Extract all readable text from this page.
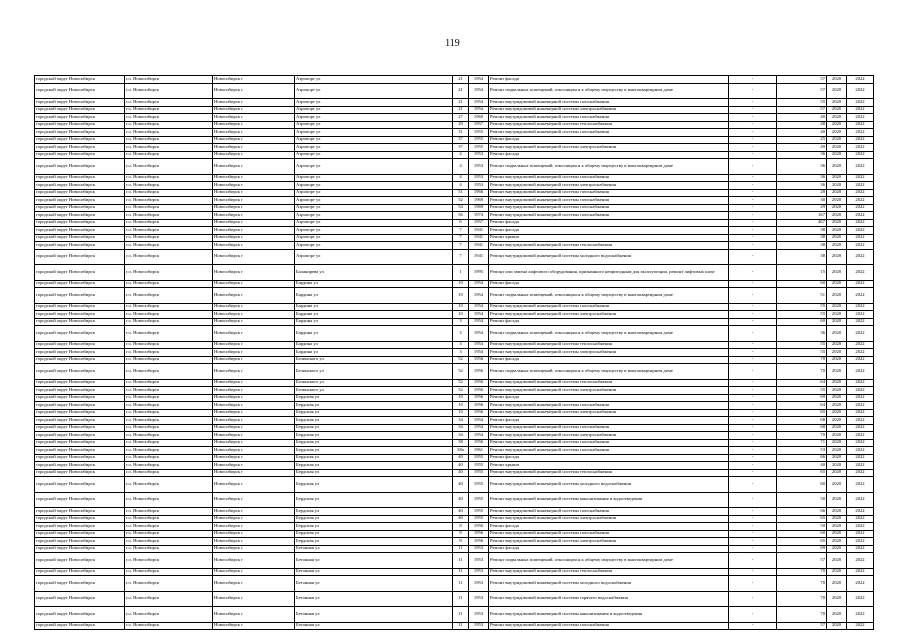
119
городской округ Новосибирск	г.о. Новосибирск	Новосибирск г	Аэропорт ул	21	1954	Ремонт фасада	-	57	2020	2022
городской округ Новосибирск	г.о. Новосибирск	Новосибирск г	Аэропорт ул	21	1954	Ремонт подвальных помещений, относящихся к общему имуществу в многоквартирном доме	-	57	2020	2022
городской округ Новосибирск	г.о. Новосибирск	Новосибирск г	Аэропорт ул	21	1954	Ремонт внутридомовой инженерной системы газоснабжения	-	55	2020	2022
городской округ Новосибирск	г.о. Новосибирск	Новосибирск г	Аэропорт ул	21	1954	Ремонт внутридомовой инженерной системы электроснабжения	-	57	2020	2022
городской округ Новосибирск	г.о. Новосибирск	Новосибирск г	Аэропорт ул	27	1960	Ремонт внутридомовой инженерной системы газоснабжения	-	40	2020	2022
городской округ Новосибирск	г.о. Новосибирск	Новосибирск г	Аэропорт ул	29	1957	Ремонт внутридомовой инженерной системы теплоснабжения	-	48	2020	2022
городской округ Новосибирск	г.о. Новосибирск	Новосибирск г	Аэропорт ул	31	1955	Ремонт внутридомовой инженерной системы газоснабжения	-	40	2020	2022
городской округ Новосибирск	г.о. Новосибирск	Новосибирск г	Аэропорт ул	37	1955	Ремонт фасада	-	25	2020	2022
городской округ Новосибирск	г.о. Новосибирск	Новосибирск г	Аэропорт ул	37	1955	Ремонт внутридомовой инженерной системы электроснабжения	-	49	2020	2022
городской округ Новосибирск	г.о. Новосибирск	Новосибирск г	Аэропорт ул	4	1953	Ремонт фасада	-	36	2020	2022
городской округ Новосибирск	г.о. Новосибирск	Новосибирск г	Аэропорт ул	4	1953	Ремонт подвальных помещений, относящихся к общему имуществу в многоквартирном доме	-	36	2020	2022
городской округ Новосибирск	г.о. Новосибирск	Новосибирск г	Аэропорт ул	4	1953	Ремонт внутридомовой инженерной системы газоснабжения	-	36	2020	2022
городской округ Новосибирск	г.о. Новосибирск	Новосибирск г	Аэропорт ул	4	1953	Ремонт внутридомовой инженерной системы электроснабжения	-	36	2020	2022
городской округ Новосибирск	г.о. Новосибирск	Новосибирск г	Аэропорт ул	51	1966	Ремонт внутридомовой инженерной системы газоснабжения	-	28	2020	2022
городской округ Новосибирск	г.о. Новосибирск	Новосибирск г	Аэропорт ул	52	1969	Ремонт внутридомовой инженерной системы газоснабжения	-	30	2020	2022
городской округ Новосибирск	г.о. Новосибирск	Новосибирск г	Аэропорт ул	54	1969	Ремонт внутридомовой инженерной системы газоснабжения	-	29	2020	2022
городской округ Новосибирск	г.о. Новосибирск	Новосибирск г	Аэропорт ул	56	1974	Ремонт внутридомовой инженерной системы газоснабжения	-	167	2020	2022
городской округ Новосибирск	г.о. Новосибирск	Новосибирск г	Аэропорт ул	6	1957	Ремонт фасада	-	467	2020	2022
городской округ Новосибирск	г.о. Новосибирск	Новосибирск г	Аэропорт ул	7	1941	Ремонт фасада	-	38	2020	2022
городской округ Новосибирск	г.о. Новосибирск	Новосибирск г	Аэропорт ул	7	1941	Ремонт крыши	-	38	2020	2022
городской округ Новосибирск	г.о. Новосибирск	Новосибирск г	Аэропорт ул	7	1941	Ремонт внутридомовой инженерной системы теплоснабжения	-	38	2020	2022
городской округ Новосибирск	г.о. Новосибирск	Новосибирск г	Аэропорт ул	7	1941	Ремонт внутридомовой инженерной системы холодного водоснабжения	-	38	2020	2022
городской округ Новосибирск	г.о. Новосибирск	Новосибирск г	Балакирева ул	1	1995	Ремонт или замена лифтового оборудования, признанного непригодным для эксплуатации, ремонт лифтовых шахт	-	15	2020	2022
городской округ Новосибирск	г.о. Новосибирск	Новосибирск г	Бардина ул	10	1954	Ремонт фасада	-	60	2020	2022
городской округ Новосибирск	г.о. Новосибирск	Новосибирск г	Бардина ул	10	1954	Ремонт подвальных помещений, относящихся к общему имуществу в многоквартирном доме	-	51	2020	2022
городской округ Новосибирск	г.о. Новосибирск	Новосибирск г	Бардина ул	10	1954	Ремонт внутридомовой инженерной системы газоснабжения	-	55	2020	2022
городской округ Новосибирск	г.о. Новосибирск	Новосибирск г	Бардина ул	10	1954	Ремонт внутридомовой инженерной системы электроснабжения	-	55	2020	2022
городской округ Новосибирск	г.о. Новосибирск	Новосибирск г	Бардина ул	3	1954	Ремонт фасада	-	60	2020	2022
городской округ Новосибирск	г.о. Новосибирск	Новосибирск г	Бардина ул	3	1954	Ремонт подвальных помещений, относящихся к общему имуществу в многоквартирном доме	-	36	2020	2022
городской округ Новосибирск	г.о. Новосибирск	Новосибирск г	Бардина ул	3	1954	Ремонт внутридомовой инженерной системы теплоснабжения	-	55	2020	2022
городской округ Новосибирск	г.о. Новосибирск	Новосибирск г	Бардина ул	3	1954	Ремонт внутридомовой инженерной системы электроснабжения	-	55	2020	2022
городской округ Новосибирск	г.о. Новосибирск	Новосибирск г	Белинского ул	52	1956	Ремонт фасада	-	70	2020	2022
городской округ Новосибирск	г.о. Новосибирск	Новосибирск г	Белинского ул	52	1956	Ремонт подвальных помещений, относящихся к общему имуществу в многоквартирном доме	-	70	2020	2022
городской округ Новосибирск	г.о. Новосибирск	Новосибирск г	Белинского ул	52	1956	Ремонт внутридомовой инженерной системы теплоснабжения	-	64	2020	2022
городской округ Новосибирск	г.о. Новосибирск	Новосибирск г	Белинского ул	52	1956	Ремонт внутридомовой инженерной системы электроснабжения	-	55	2020	2022
городской округ Новосибирск	г.о. Новосибирск	Новосибирск г	Бердская ул	10	1956	Ремонт фасада	-	69	2020	2022
городской округ Новосибирск	г.о. Новосибирск	Новосибирск г	Бердская ул	10	1956	Ремонт внутридомовой инженерной системы газоснабжения	-	64	2020	2022
городской округ Новосибирск	г.о. Новосибирск	Новосибирск г	Бердская ул	10	1956	Ремонт внутридомовой инженерной системы электроснабжения	-	65	2020	2022
городской округ Новосибирск	г.о. Новосибирск	Новосибирск г	Бердская ул	34	1954	Ремонт фасада	-	68	2020	2022
городской округ Новосибирск	г.о. Новосибирск	Новосибирск г	Бердская ул	34	1954	Ремонт внутридомовой инженерной системы газоснабжения	-	68	2020	2022
городской округ Новосибирск	г.о. Новосибирск	Новосибирск г	Бердская ул	34	1954	Ремонт внутридомовой инженерной системы электроснабжения	-	70	2020	2022
городской округ Новосибирск	г.о. Новосибирск	Новосибирск г	Бердская ул	38	1956	Ремонт внутридомовой инженерной системы газоснабжения	-	71	2020	2022
городской округ Новосибирск	г.о. Новосибирск	Новосибирск г	Бердская ул	38а	1961	Ремонт внутридомовой инженерной системы газоснабжения	-	53	2020	2022
городской округ Новосибирск	г.о. Новосибирск	Новосибирск г	Бердская ул	40	1955	Ремонт фасада	-	66	2020	2022
городской округ Новосибирск	г.о. Новосибирск	Новосибирск г	Бердская ул	40	1955	Ремонт крыши	-	40	2020	2022
городской округ Новосибирск	г.о. Новосибирск	Новосибирск г	Бердская ул	40	1955	Ремонт внутридомовой инженерной системы теплоснабжения	-	65	2020	2022
городской округ Новосибирск	г.о. Новосибирск	Новосибирск г	Бердская ул	40	1955	Ремонт внутридомовой инженерной системы холодного водоснабжения	-	60	2020	2022
городской округ Новосибирск	г.о. Новосибирск	Новосибирск г	Бердская ул	40	1955	Ремонт внутридомовой инженерной системы канализования и водоотведения	-	50	2020	2022
городской округ Новосибирск	г.о. Новосибирск	Новосибирск г	Бердская ул	40	1955	Ремонт внутридомовой инженерной системы газоснабжения	-	66	2020	2022
городской округ Новосибирск	г.о. Новосибирск	Новосибирск г	Бердская ул	40	1955	Ремонт внутридомовой инженерной системы электроснабжения	-	65	2020	2022
городской округ Новосибирск	г.о. Новосибирск	Новосибирск г	Бердская ул	8	1956	Ремонт фасада	-	50	2020	2022
городской округ Новосибирск	г.о. Новосибирск	Новосибирск г	Бердская ул	8	1956	Ремонт внутридомовой инженерной системы газоснабжения	-	60	2020	2022
городской округ Новосибирск	г.о. Новосибирск	Новосибирск г	Бердская ул	8	1956	Ремонт внутридомовой инженерной системы электроснабжения	-	65	2020	2022
городской округ Новосибирск	г.о. Новосибирск	Новосибирск г	Бетонная ул	11	1953	Ремонт фасада	-	69	2020	2022
городской округ Новосибирск	г.о. Новосибирск	Новосибирск г	Бетонная ул	11	1953	Ремонт подвальных помещений, относящихся к общему имуществу в многоквартирном доме	-	57	2020	2022
городской округ Новосибирск	г.о. Новосибирск	Новосибирск г	Бетонная ул	11	1953	Ремонт внутридомовой инженерной системы теплоснабжения	-	70	2020	2022
городской округ Новосибирск	г.о. Новосибирск	Новосибирск г	Бетонная ул	11	1953	Ремонт внутридомовой инженерной системы холодного водоснабжения	-	70	2020	2022
городской округ Новосибирск	г.о. Новосибирск	Новосибирск г	Бетонная ул	11	1953	Ремонт внутридомовой инженерной системы горячего водоснабжения	-	70	2020	2022
городской округ Новосибирск	г.о. Новосибирск	Новосибирск г	Бетонная ул	11	1953	Ремонт внутридомовой инженерной системы канализования и водоотведения	-	70	2020	2022
городской округ Новосибирск	г.о. Новосибирск	Новосибирск г	Бетонная ул	11	1953	Ремонт внутридомовой инженерной системы газоснабжения	-	57	2020	2022
